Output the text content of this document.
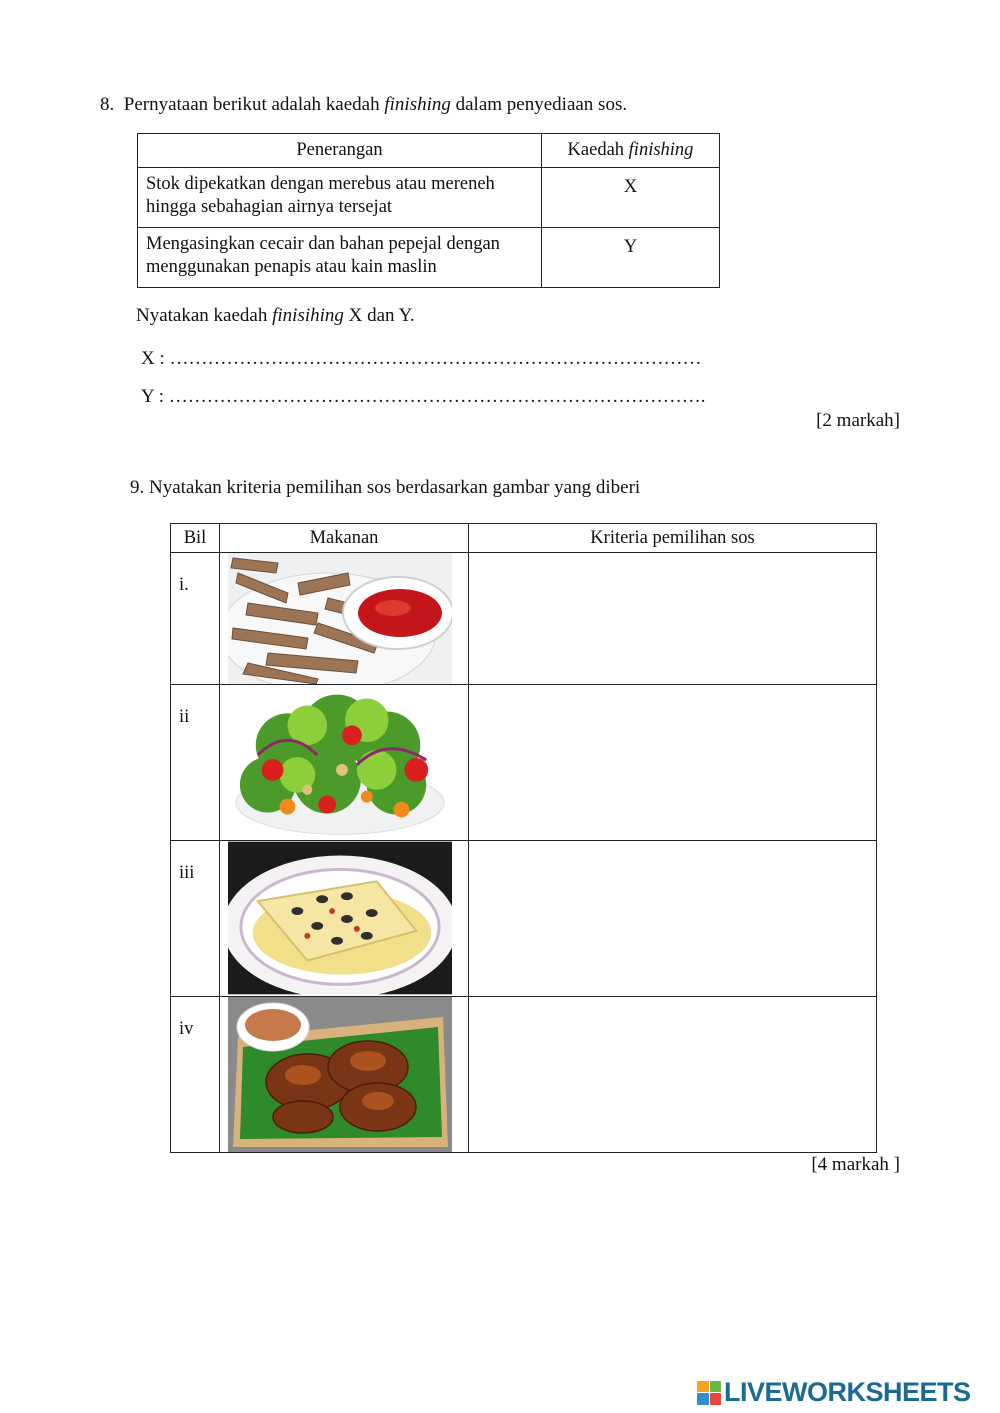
8. Pernyataan berikut adalah kaedah finishing dalam penyediaan sos.
Penerangan	Kaedah finishing
Stok dipekatkan dengan merebus atau mereneh
hingga sebahagian airnya tersejat	X
Mengasingkan cecair dan bahan pepejal dengan
menggunakan penapis atau kain maslin	Y
Nyatakan kaedah finisihing X dan Y.
X : …………………………………………………………………………
Y : ………………………………………………………………………….
[2 markah]
9. Nyatakan kriteria pemilihan sos berdasarkan gambar yang diberi
Bil	Makanan	Kriteria pemilihan sos
i.	

ii	

iii	

iv	

[4 markah ]
LIVEWORKSHEETS
